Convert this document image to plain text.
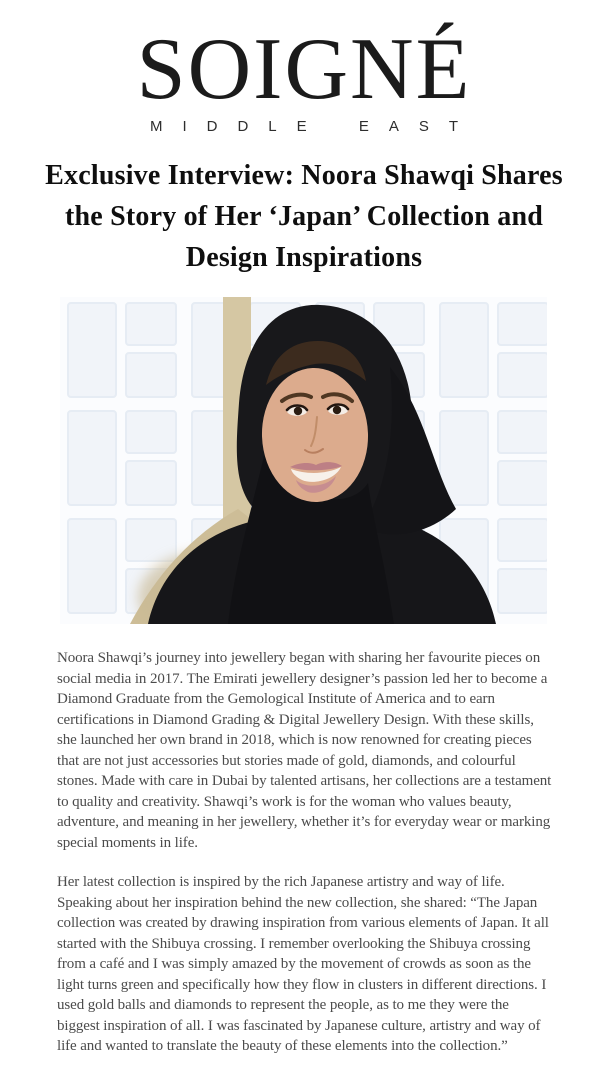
SOIGNÉ
MIDDLE EAST
Exclusive Interview: Noora Shawqi Shares
the Story of Her ‘Japan’ Collection and
Design Inspirations

Noora Shawqi’s journey into jewellery began with sharing her favourite pieces on social media in 2017. The Emirati jewellery designer’s passion led her to become a Diamond Graduate from the Gemological Institute of America and to earn certifications in Diamond Grading & Digital Jewellery Design. With these skills, she launched her own brand in 2018, which is now renowned for creating pieces that are not just accessories but stories made of gold, diamonds, and colourful stones. Made with care in Dubai by talented artisans, her collections are a testament to quality and creativity. Shawqi’s work is for the woman who values beauty, adventure, and meaning in her jewellery, whether it’s for everyday wear or marking special moments in life.

Her latest collection is inspired by the rich Japanese artistry and way of life. Speaking about her inspiration behind the new collection, she shared: “The Japan collection was created by drawing inspiration from various elements of Japan. It all started with the Shibuya crossing. I remember overlooking the Shibuya crossing from a café and I was simply amazed by the movement of crowds as soon as the light turns green and specifically how they flow in clusters in different directions. I used gold balls and diamonds to represent the people, as to me they were the biggest inspiration of all. I was fascinated by Japanese culture, artistry and way of life and wanted to translate the beauty of these elements into the collection.”
